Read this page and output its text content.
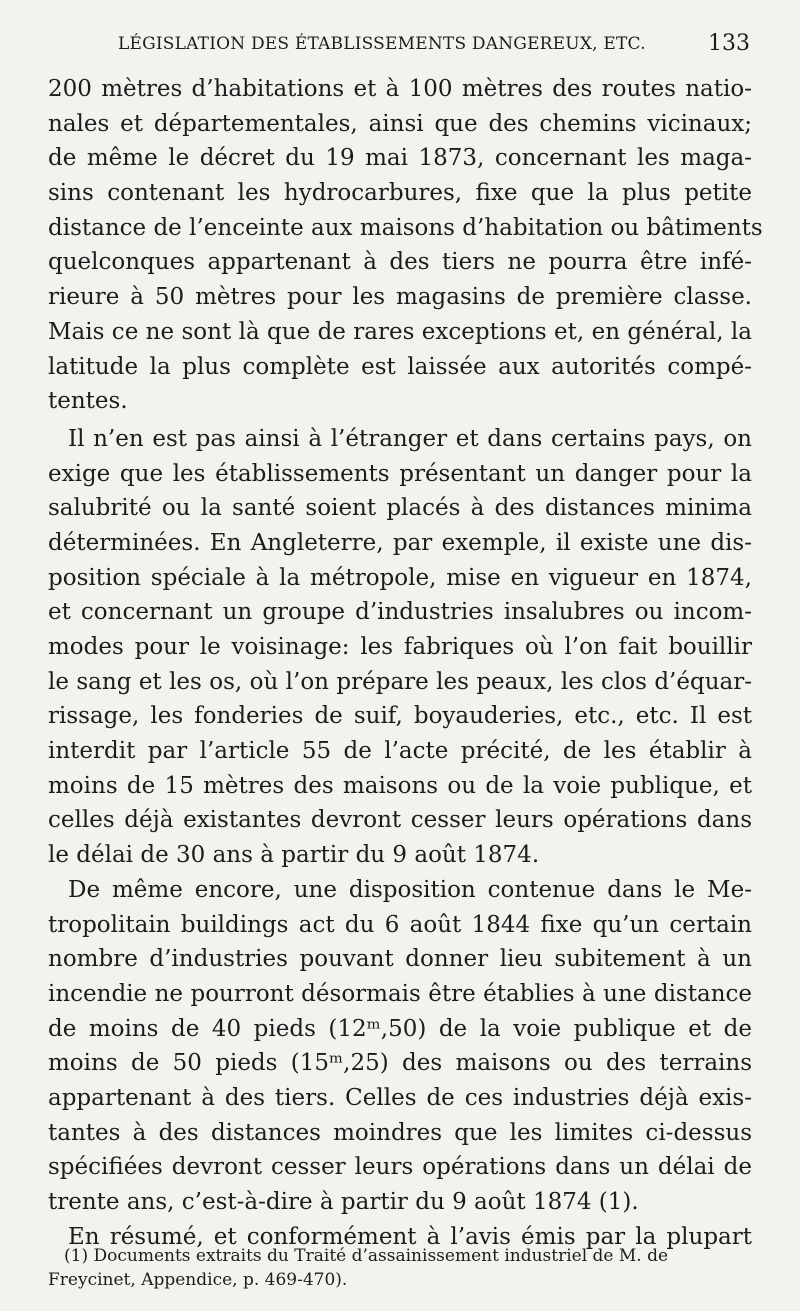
LÉGISLATION DES ÉTABLISSEMENTS DANGEREUX, ETC.	133
200 mètres d’habitations et à 100 mètres des routes natio-
nales et départementales, ainsi que des chemins vicinaux;
de même le décret du 19 mai 1873, concernant les maga-
sins contenant les hydrocarbures, fixe que la plus petite
distance de l’enceinte aux maisons d’habitation ou bâtiments
quelconques appartenant à des tiers ne pourra être infé-
rieure à 50 mètres pour les magasins de première classe.
Mais ce ne sont là que de rares exceptions et, en général, la
latitude la plus complète est laissée aux autorités compé-
tentes.
Il n’en est pas ainsi à l’étranger et dans certains pays, on
exige que les établissements présentant un danger pour la
salubrité ou la santé soient placés à des distances minima
déterminées. En Angleterre, par exemple, il existe une dis-
position spéciale à la métropole, mise en vigueur en 1874,
et concernant un groupe d’industries insalubres ou incom-
modes pour le voisinage: les fabriques où l’on fait bouillir
le sang et les os, où l’on prépare les peaux, les clos d’équar-
rissage, les fonderies de suif, boyauderies, etc., etc. Il est
interdit par l’article 55 de l’acte précité, de les établir à
moins de 15 mètres des maisons ou de la voie publique, et
celles déjà existantes devront cesser leurs opérations dans
le délai de 30 ans à partir du 9 août 1874.
De même encore, une disposition contenue dans le Me-
tropolitain buildings act du 6 août 1844 fixe qu’un certain
nombre d’industries pouvant donner lieu subitement à un
incendie ne pourront désormais être établies à une distance
de moins de 40 pieds (12ᵐ,50) de la voie publique et de
moins de 50 pieds (15ᵐ,25) des maisons ou des terrains
appartenant à des tiers. Celles de ces industries déjà exis-
tantes à des distances moindres que les limites ci-dessus
spécifiées devront cesser leurs opérations dans un délai de
trente ans, c’est-à-dire à partir du 9 août 1874 (1).
En résumé, et conformément à l’avis émis par la plupart
(1) Documents extraits du Traité d’assainissement industriel de M. de
Freycinet, Appendice, p. 469-470).
